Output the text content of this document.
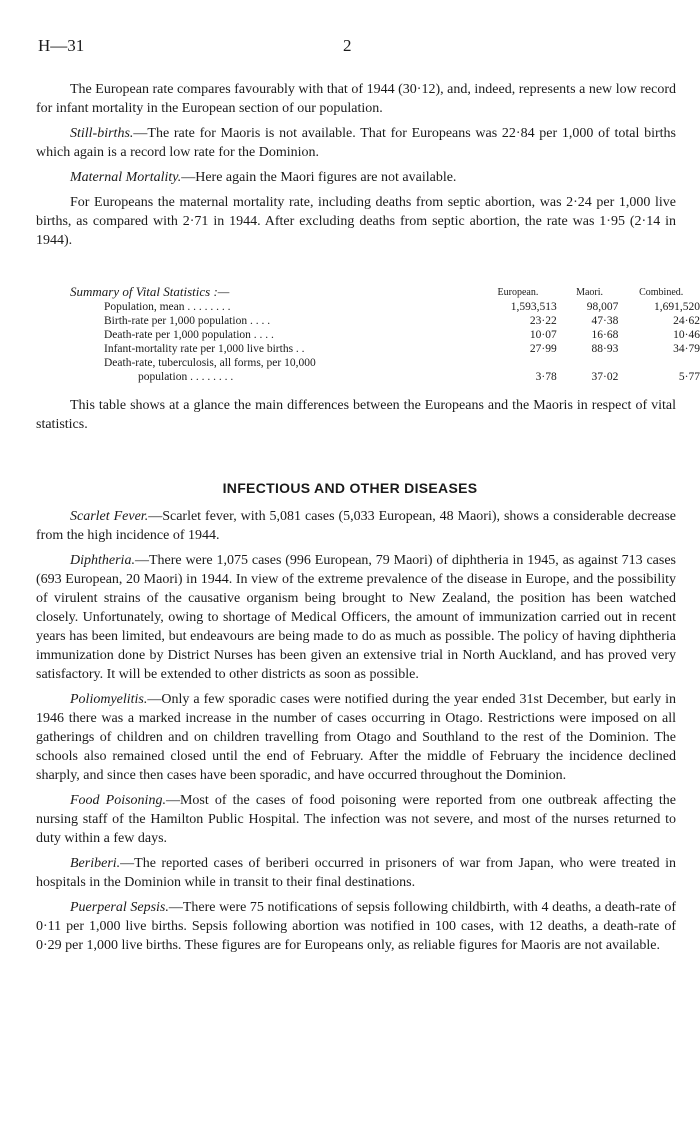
H—31	2

The European rate compares favourably with that of 1944 (30·12), and, indeed, represents a new low record for infant mortality in the European section of our population.

Still-births.—The rate for Maoris is not available. That for Europeans was 22·84 per 1,000 of total births which again is a record low rate for the Dominion.

Maternal Mortality.—Here again the Maori figures are not available.

For Europeans the maternal mortality rate, including deaths from septic abortion, was 2·24 per 1,000 live births, as compared with 2·71 in 1944. After excluding deaths from septic abortion, the rate was 1·95 (2·14 in 1944).

Summary of Vital Statistics :—	European.	Maori.	Combined.
Population, mean . . . . . . . .	1,593,513	98,007	1,691,520
Birth-rate per 1,000 population . . . .	23·22	47·38	24·62
Death-rate per 1,000 population . . . .	10·07	16·68	10·46
Infant-mortality rate per 1,000 live births . .	27·99	88·93	34·79
Death-rate, tuberculosis, all forms, per 10,000			
population . . . . . . . .	3·78	37·02	5·77

This table shows at a glance the main differences between the Europeans and the Maoris in respect of vital statistics.

INFECTIOUS AND OTHER DISEASES

Scarlet Fever.—Scarlet fever, with 5,081 cases (5,033 European, 48 Maori), shows a considerable decrease from the high incidence of 1944.

Diphtheria.—There were 1,075 cases (996 European, 79 Maori) of diphtheria in 1945, as against 713 cases (693 European, 20 Maori) in 1944. In view of the extreme prevalence of the disease in Europe, and the possibility of virulent strains of the causative organism being brought to New Zealand, the position has been watched closely. Unfortunately, owing to shortage of Medical Officers, the amount of immunization carried out in recent years has been limited, but endeavours are being made to do as much as possible. The policy of having diphtheria immunization done by District Nurses has been given an extensive trial in North Auckland, and has proved very satisfactory. It will be extended to other districts as soon as possible.

Poliomyelitis.—Only a few sporadic cases were notified during the year ended 31st December, but early in 1946 there was a marked increase in the number of cases occurring in Otago. Restrictions were imposed on all gatherings of children and on children travelling from Otago and Southland to the rest of the Dominion. The schools also remained closed until the end of February. After the middle of February the incidence declined sharply, and since then cases have been sporadic, and have occurred throughout the Dominion.

Food Poisoning.—Most of the cases of food poisoning were reported from one outbreak affecting the nursing staff of the Hamilton Public Hospital. The infection was not severe, and most of the nurses returned to duty within a few days.

Beriberi.—The reported cases of beriberi occurred in prisoners of war from Japan, who were treated in hospitals in the Dominion while in transit to their final destinations.

Puerperal Sepsis.—There were 75 notifications of sepsis following childbirth, with 4 deaths, a death-rate of 0·11 per 1,000 live births. Sepsis following abortion was notified in 100 cases, with 12 deaths, a death-rate of 0·29 per 1,000 live births. These figures are for Europeans only, as reliable figures for Maoris are not available.
